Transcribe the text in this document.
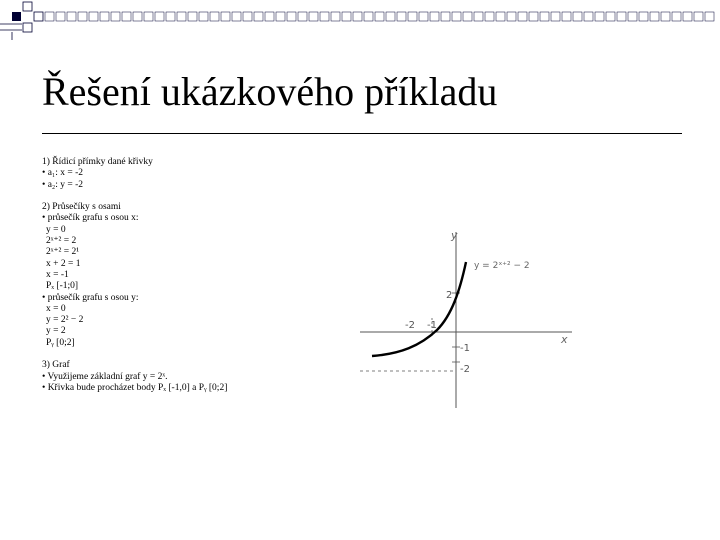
Řešení ukázkového příkladu
1) Řídicí přímky dané křivky
• a₁: x = -2
• a₂: y = -2
2) Průsečíky s osami
• průsečík grafu s osou x:
y = 0
2ˣ⁺² = 2
2ˣ⁺² = 2¹
x + 2 = 1
x = -1
Pₓ [-1;0]
• průsečík grafu s osou y:
x = 0
y = 2² − 2
y = 2
Pᵧ [0;2]
3) Graf
• Využijeme základní graf y = 2ˣ.
• Křivka bude procházet body Pₓ [-1,0] a Pᵧ [0;2]
y
x
y = 2ˣ⁺² − 2
2
-2 -1
-1
-2
